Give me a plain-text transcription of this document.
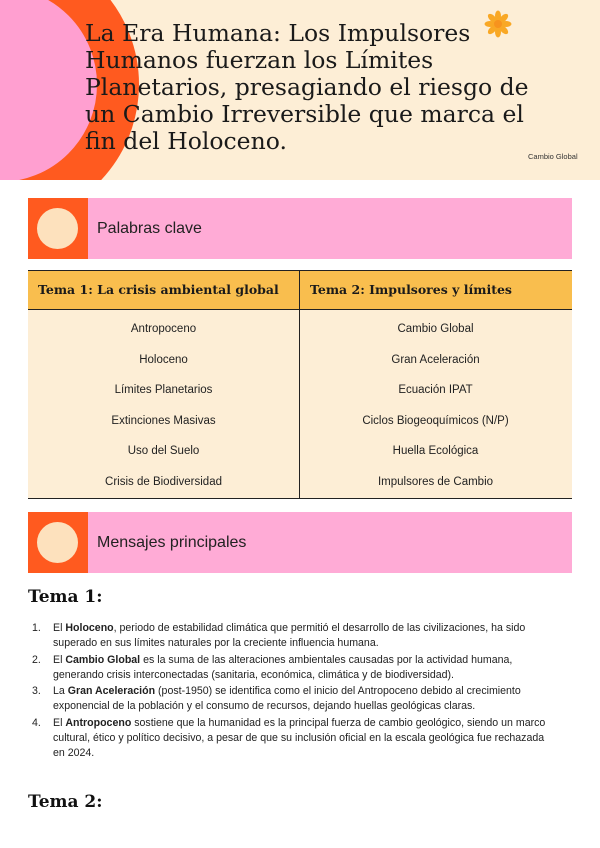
La Era Humana: Los Impulsores Humanos fuerzan los Límites Planetarios, presagiando el riesgo de un Cambio Irreversible que marca el fin del Holoceno.
Cambio Global
Palabras clave
Tema 1: La crisis ambiental global Tema 2: Impulsores y límites
Antropoceno
Holoceno
Límites Planetarios
Extinciones Masivas
Uso del Suelo
Crisis de Biodiversidad
Cambio Global
Gran Aceleración
Ecuación IPAT
Ciclos Biogeoquímicos (N/P)
Huella Ecológica
Impulsores de Cambio
Mensajes principales
Tema 1:
1. El Holoceno, periodo de estabilidad climática que permitió el desarrollo de las civilizaciones, ha sido superado en sus límites naturales por la creciente influencia humana.
2. El Cambio Global es la suma de las alteraciones ambientales causadas por la actividad humana, generando crisis interconectadas (sanitaria, económica, climática y de biodiversidad).
3. La Gran Aceleración (post-1950) se identifica como el inicio del Antropoceno debido al crecimiento exponencial de la población y el consumo de recursos, dejando huellas geológicas claras.
4. El Antropoceno sostiene que la humanidad es la principal fuerza de cambio geológico, siendo un marco cultural, ético y político decisivo, a pesar de que su inclusión oficial en la escala geológica fue rechazada en 2024.
Tema 2:
